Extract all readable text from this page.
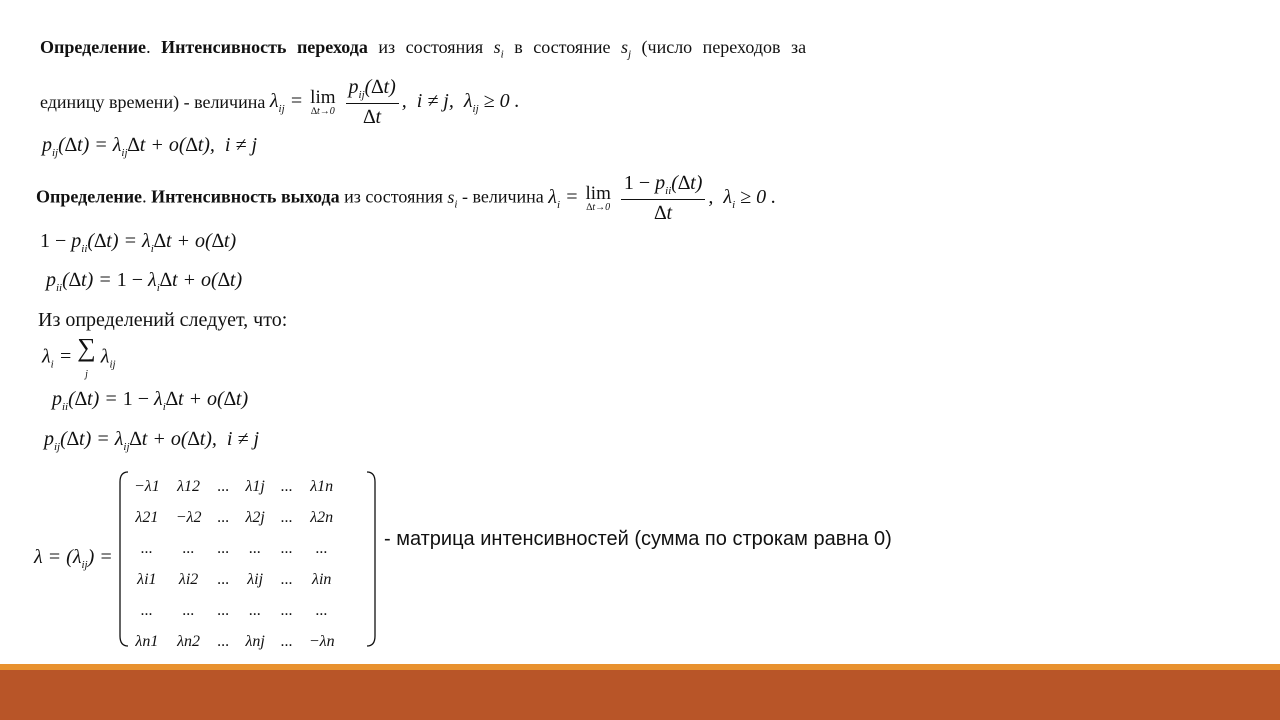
Определение. Интенсивность перехода из состояния $s_i$ в состояние $s_j$ (число переходов за
единицу времени) - величина $\lambda_{ij} = \lim$
∆t→0
$\frac{p_{ij}(\Delta t)}{\Delta t}$ ,  i ≠ j,  $\lambda_{ij} \ge 0$ .
$p_{ij}(\Delta t) = \lambda_{ij}\Delta t + o(\Delta t)$,  i ≠ j
Определение. Интенсивность выхода из состояния $s_i$ - величина $\lambda_i = \lim$
∆t→0
$\frac{1 - p_{ii}(\Delta t)}{\Delta t}$ ,  $\lambda_i \ge 0$ .
$1 - p_{ii}(\Delta t) = \lambda_i\Delta t + o(\Delta t)$
$p_{ii}(\Delta t) = 1 - \lambda_i\Delta t + o(\Delta t)$
Из определений следует, что:
$\lambda_i$ = ∑
j $\lambda_{ij}$
$p_{ii}(\Delta t) = 1 - \lambda_i\Delta t + o(\Delta t)$
$p_{ij}(\Delta t) = \lambda_{ij}\Delta t + o(\Delta t)$,  i ≠ j
$\lambda = (\lambda_{ij})$ =
−λ1	λ12	...	λ1j	...	λ1n
λ21	−λ2	...	λ2j	...	λ2n
...	...	...	...	...	...
λi1	λi2	...	λij	...	λin
...	...	...	...	...	...
λn1	λn2	...	λnj	...	−λn
- матрица интенсивностей (сумма по строкам равна 0)
